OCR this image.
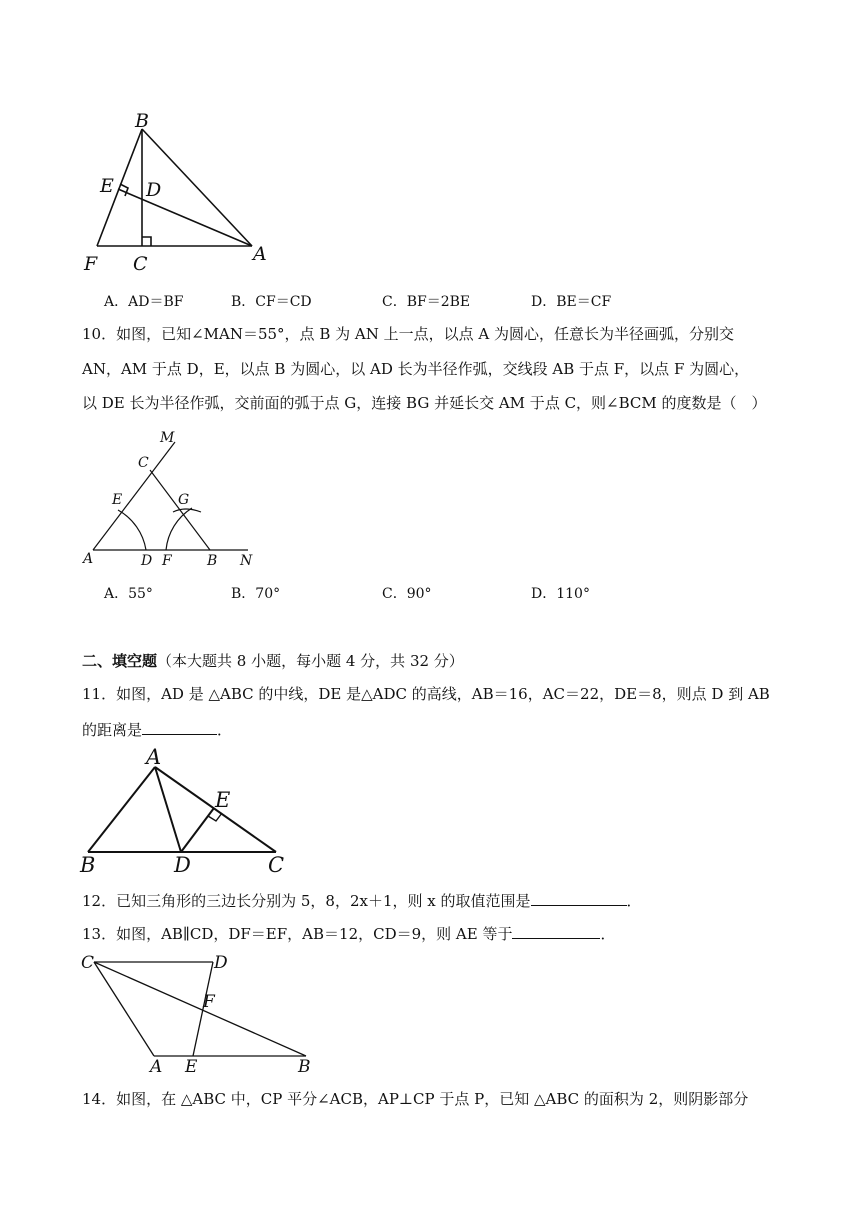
B
E D
F C	A
A．AD＝BF	B．CF＝CD	C．BF＝2BE	D．BE＝CF
10．如图，已知∠MAN＝55°，点 B 为 AN 上一点，以点 A 为圆心，任意长为半径画弧，分别交
AN，AM 于点 D，E，以点 B 为圆心，以 AD 长为半径作弧，交线段 AB 于点 F，以点 F 为圆心，
以 DE 长为半径作弧，交前面的弧于点 G，连接 BG 并延长交 AM 于点 C，则∠BCM 的度数是（　）
M
C
E	G
A	D F	B N
A．55°	B．70°	C．90°	D．110°
二、填空题（本大题共 8 小题，每小题 4 分，共 32 分）
11．如图，AD 是 △ABC 的中线，DE 是△ADC 的高线，AB＝16，AC＝22，DE＝8，则点 D 到 AB
的距离是	．
A
E
B	D	C
12．已知三角形的三边长分别为 5，8，2x＋1，则 x 的取值范围是	．
13．如图，AB∥CD，DF＝EF，AB＝12，CD＝9，则 AE 等于	．
C	D
F
A E	B
14．如图，在 △ABC 中，CP 平分∠ACB，AP⊥CP 于点 P，已知 △ABC 的面积为 2，则阴影部分
